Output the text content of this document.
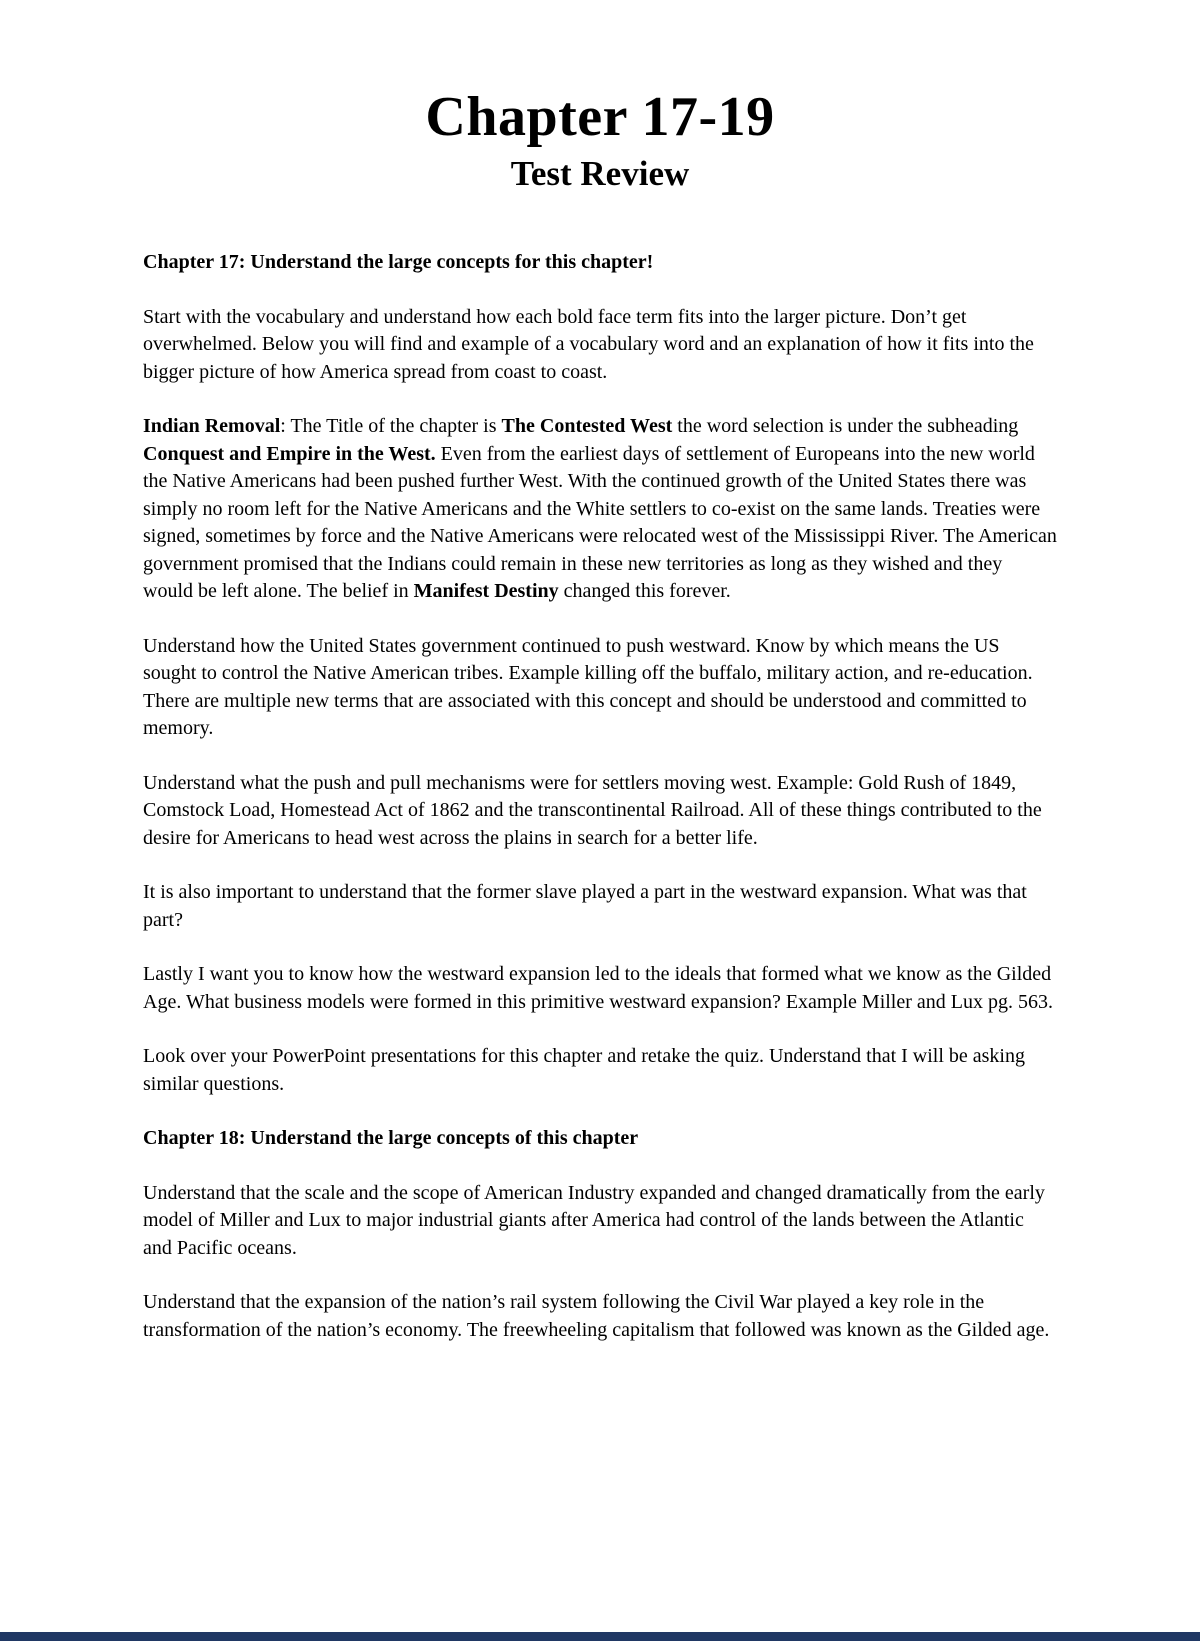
Chapter 17-19
Test Review

Chapter 17: Understand the large concepts for this chapter!

Start with the vocabulary and understand how each bold face term fits into the larger picture. Don’t get overwhelmed. Below you will find and example of a vocabulary word and an explanation of how it fits into the bigger picture of how America spread from coast to coast.

Indian Removal: The Title of the chapter is The Contested West the word selection is under the subheading Conquest and Empire in the West. Even from the earliest days of settlement of Europeans into the new world the Native Americans had been pushed further West. With the continued growth of the United States there was simply no room left for the Native Americans and the White settlers to co-exist on the same lands. Treaties were signed, sometimes by force and the Native Americans were relocated west of the Mississippi River. The American government promised that the Indians could remain in these new territories as long as they wished and they would be left alone. The belief in Manifest Destiny changed this forever.

Understand how the United States government continued to push westward. Know by which means the US sought to control the Native American tribes. Example killing off the buffalo, military action, and re-education. There are multiple new terms that are associated with this concept and should be understood and committed to memory.

Understand what the push and pull mechanisms were for settlers moving west. Example: Gold Rush of 1849, Comstock Load, Homestead Act of 1862 and the transcontinental Railroad. All of these things contributed to the desire for Americans to head west across the plains in search for a better life.

It is also important to understand that the former slave played a part in the westward expansion. What was that part?

Lastly I want you to know how the westward expansion led to the ideals that formed what we know as the Gilded Age. What business models were formed in this primitive westward expansion? Example Miller and Lux pg. 563.

Look over your PowerPoint presentations for this chapter and retake the quiz. Understand that I will be asking similar questions.

Chapter 18: Understand the large concepts of this chapter

Understand that the scale and the scope of American Industry expanded and changed dramatically from the early model of Miller and Lux to major industrial giants after America had control of the lands between the Atlantic and Pacific oceans.

Understand that the expansion of the nation’s rail system following the Civil War played a key role in the transformation of the nation’s economy. The freewheeling capitalism that followed was known as the Gilded age.
